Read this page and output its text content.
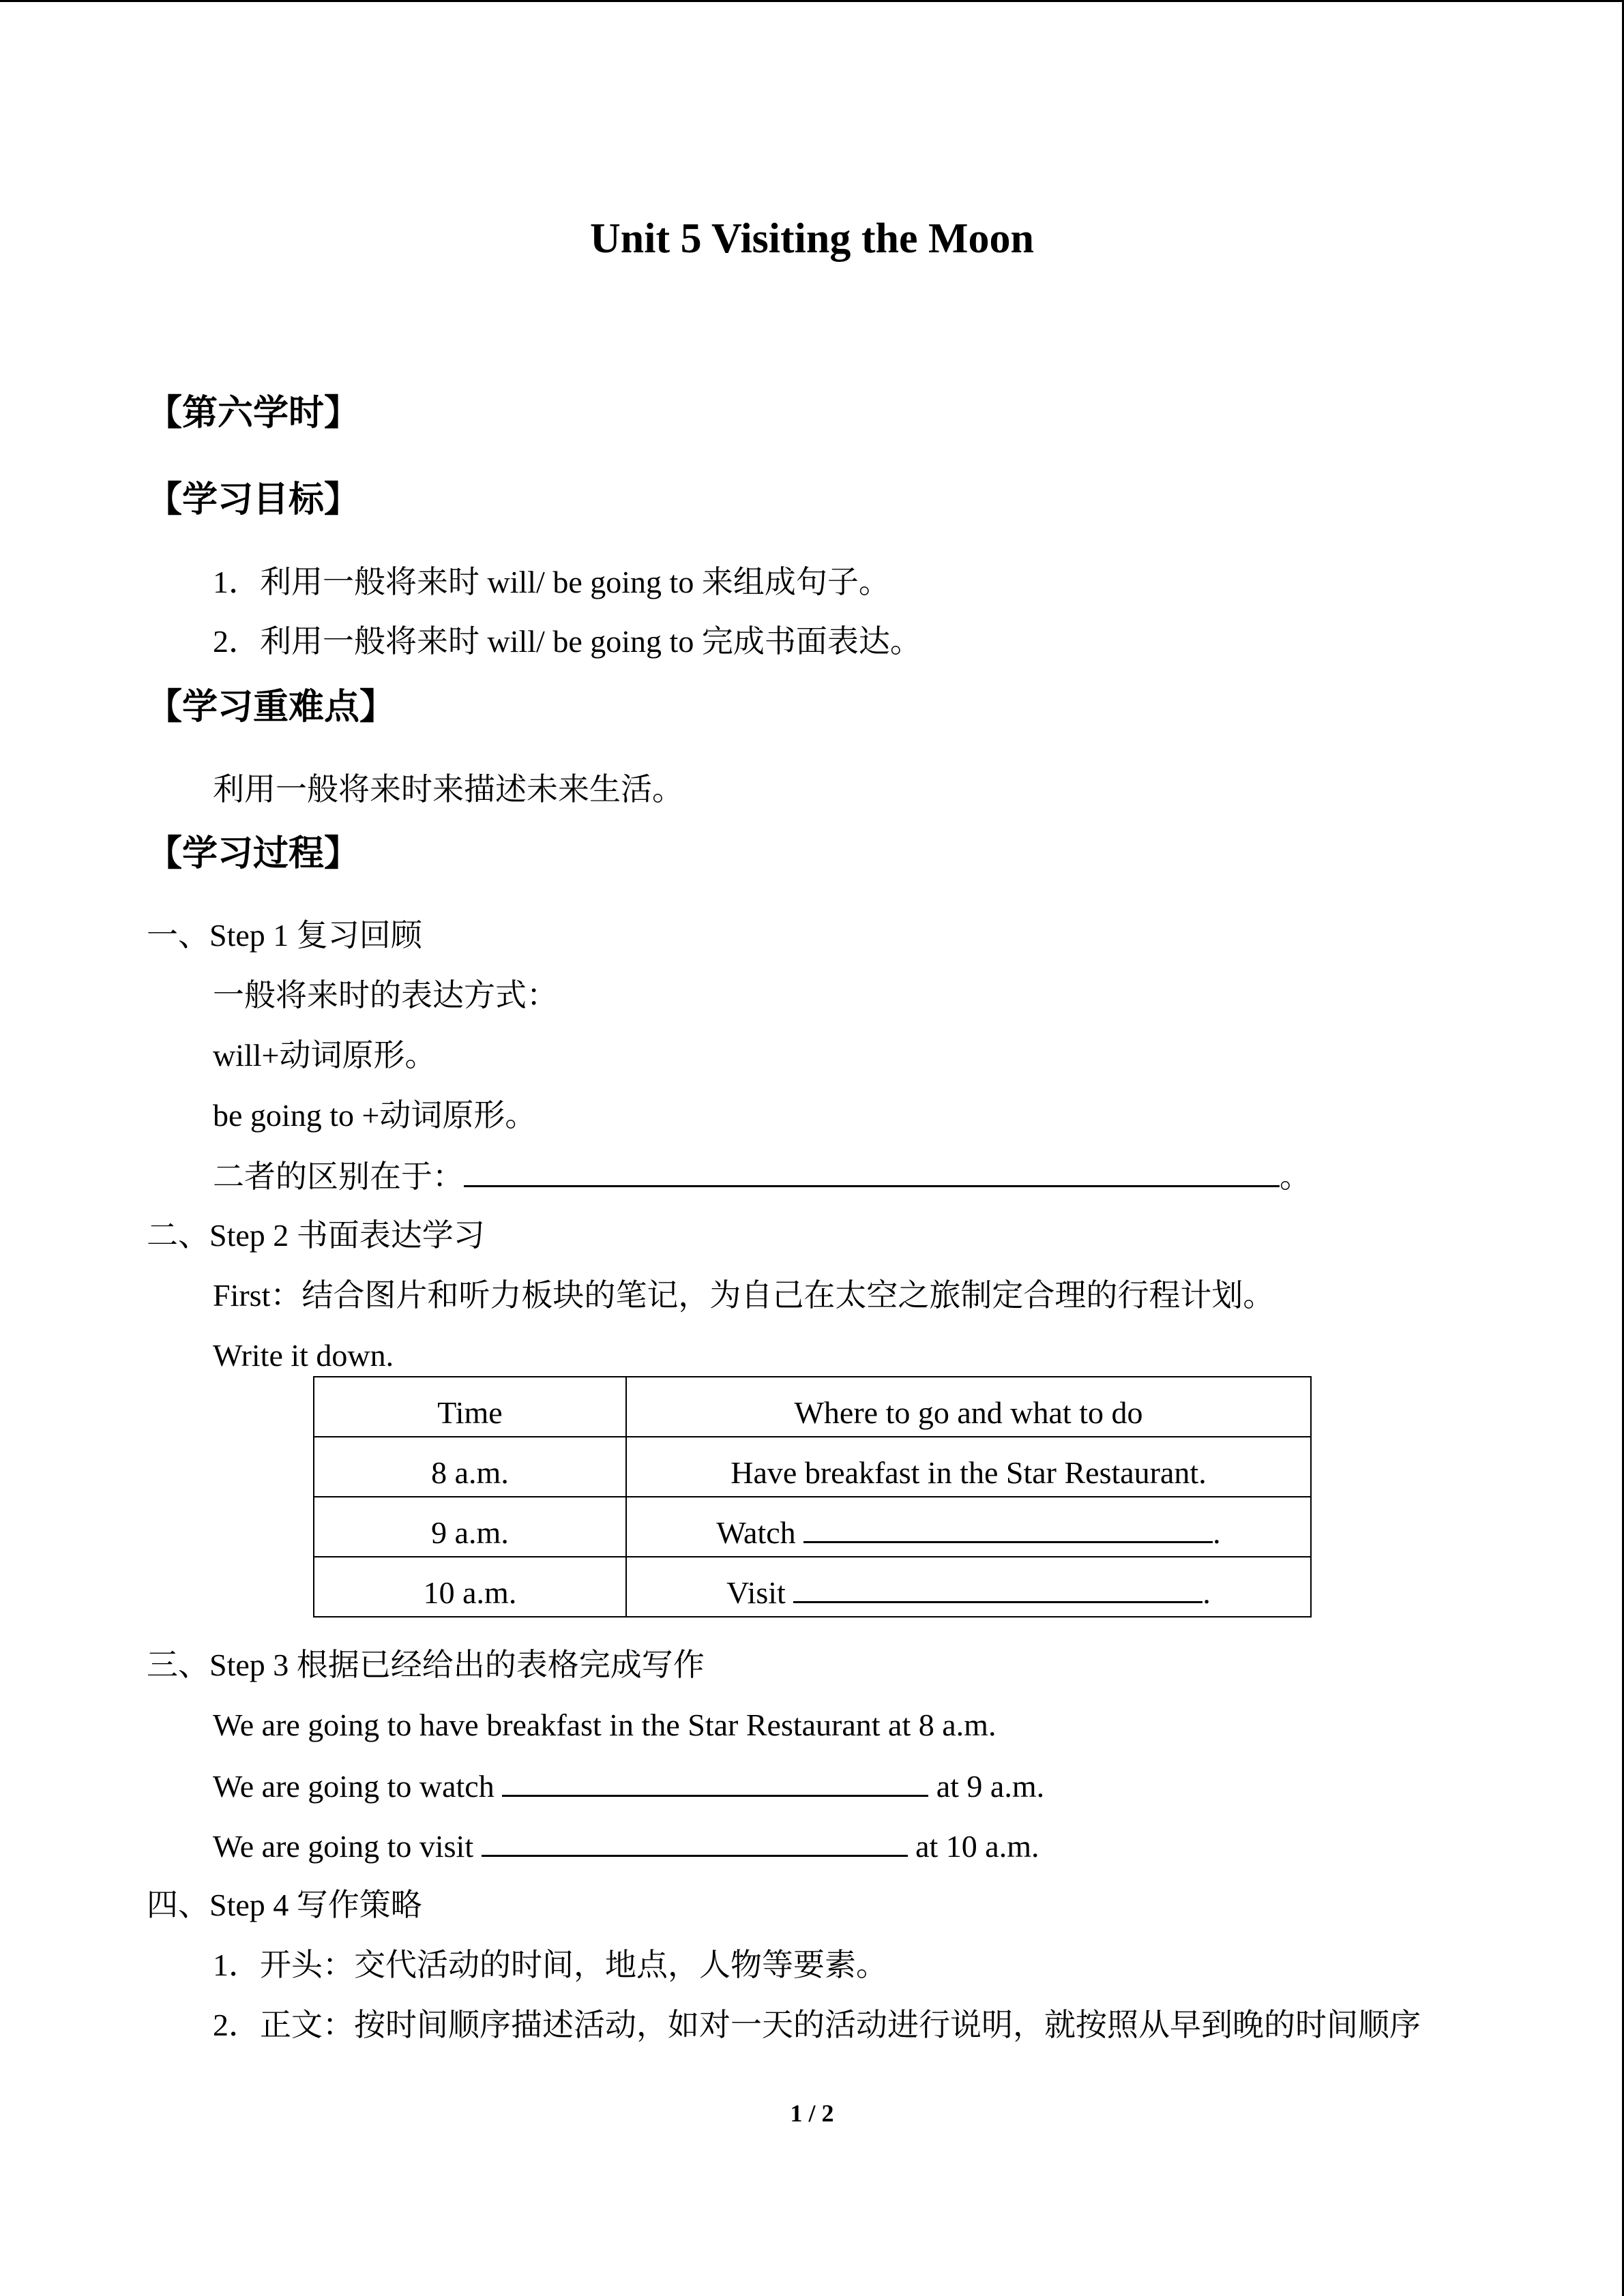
Unit 5 Visiting the Moon
【第六学时】
【学习目标】
1．利用一般将来时 will/ be going to 来组成句子。
2．利用一般将来时 will/ be going to 完成书面表达。
【学习重难点】
利用一般将来时来描述未来生活。
【学习过程】
一、Step 1 复习回顾
一般将来时的表达方式：
will+动词原形。
be going to +动词原形。
二者的区别在于：	。
二、Step 2 书面表达学习
First：结合图片和听力板块的笔记，为自己在太空之旅制定合理的行程计划。
Write it down.
Time	Where to go and what to do
8 a.m.	Have breakfast in the Star Restaurant.
9 a.m.	Watch .
10 a.m.	Visit .
三、Step 3 根据已经给出的表格完成写作
We are going to have breakfast in the Star Restaurant at 8 a.m.
We are going to watch	at 9 a.m.
We are going to visit	at 10 a.m.
四、Step 4 写作策略
1．开头：交代活动的时间，地点，人物等要素。
2．正文：按时间顺序描述活动，如对一天的活动进行说明，就按照从早到晚的时间顺序
1 / 2
